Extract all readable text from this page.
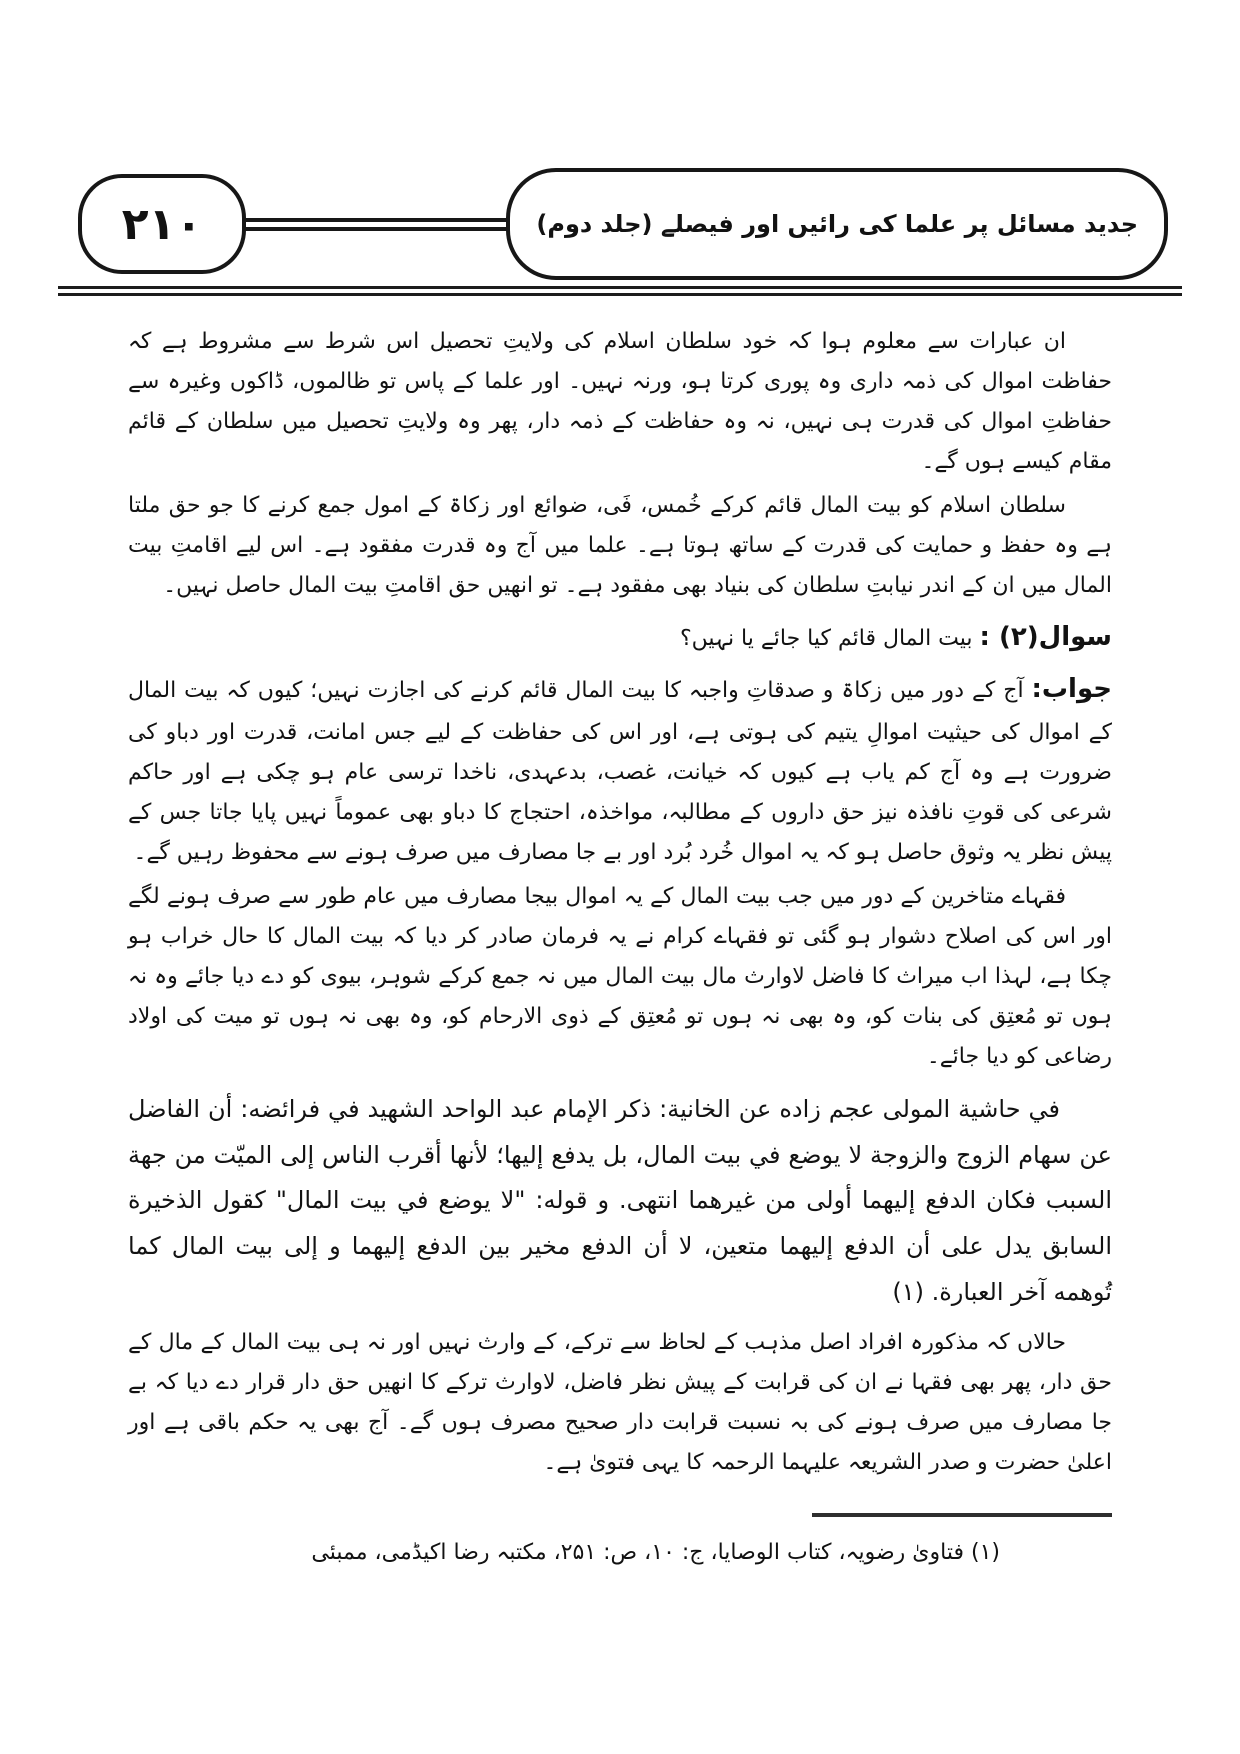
۲۱۰	جدید مسائل پر علما کی رائیں اور فیصلے (جلد دوم)

ان عبارات سے معلوم ہوا کہ خود سلطان اسلام کی ولایتِ تحصیل اس شرط سے مشروط ہے کہ حفاظت اموال کی ذمہ داری وہ پوری کرتا ہو، ورنہ نہیں۔ اور علما کے پاس تو ظالموں، ڈاکوں وغیرہ سے حفاظتِ اموال کی قدرت ہی نہیں، نہ وہ حفاظت کے ذمہ دار، پھر وہ ولایتِ تحصیل میں سلطان کے قائم مقام کیسے ہوں گے۔

سلطان اسلام کو بیت المال قائم کرکے خُمس، فَی، ضوائع اور زکاۃ کے امول جمع کرنے کا جو حق ملتا ہے وہ حفظ و حمایت کی قدرت کے ساتھ ہوتا ہے۔ علما میں آج وہ قدرت مفقود ہے۔ اس لیے اقامتِ بیت المال میں ان کے اندر نیابتِ سلطان کی بنیاد بھی مفقود ہے۔ تو انھیں حق اقامتِ بیت المال حاصل نہیں۔

سوال(۲) : بیت المال قائم کیا جائے یا نہیں؟

جواب: آج کے دور میں زکاۃ و صدقاتِ واجبہ کا بیت المال قائم کرنے کی اجازت نہیں؛ کیوں کہ بیت المال کے اموال کی حیثیت اموالِ یتیم کی ہوتی ہے، اور اس کی حفاظت کے لیے جس امانت، قدرت اور دباو کی ضرورت ہے وہ آج کم یاب ہے کیوں کہ خیانت، غصب، بدعہدی، ناخدا ترسی عام ہو چکی ہے اور حاکم شرعی کی قوتِ نافذہ نیز حق داروں کے مطالبہ، مواخذہ، احتجاج کا دباو بھی عموماً نہیں پایا جاتا جس کے پیش نظر یہ وثوق حاصل ہو کہ یہ اموال خُرد بُرد اور بے جا مصارف میں صرف ہونے سے محفوظ رہیں گے۔

فقہاے متاخرین کے دور میں جب بیت المال کے یہ اموال بیجا مصارف میں عام طور سے صرف ہونے لگے اور اس کی اصلاح دشوار ہو گئی تو فقہاے کرام نے یہ فرمان صادر کر دیا کہ بیت المال کا حال خراب ہو چکا ہے، لہذا اب میراث کا فاضل لاوارث مال بیت المال میں نہ جمع کرکے شوہر، بیوی کو دے دیا جائے وہ نہ ہوں تو مُعتِق کی بنات کو، وہ بھی نہ ہوں تو مُعتِق کے ذوی الارحام کو، وہ بھی نہ ہوں تو میت کی اولاد رضاعی کو دیا جائے۔

في حاشية المولى عجم زاده عن الخانية: ذكر الإمام عبد الواحد الشهيد في فرائضه: أن الفاضل عن سهام الزوج والزوجة لا يوضع في بيت المال، بل يدفع إليها؛ لأنها أقرب الناس إلى الميّت من جهة السبب فكان الدفع إليهما أولى من غيرهما انتهى. و قوله: "لا يوضع في بيت المال" كقول الذخيرة السابق يدل على أن الدفع إليهما متعين، لا أن الدفع مخير بين الدفع إليهما و إلى بيت المال كما تُوهمه آخر العبارة. (١)

حالاں کہ مذکورہ افراد اصل مذہب کے لحاظ سے ترکے، کے وارث نہیں اور نہ ہی بیت المال کے مال کے حق دار، پھر بھی فقہا نے ان کی قرابت کے پیش نظر فاضل، لاوارث ترکے کا انھیں حق دار قرار دے دیا کہ بے جا مصارف میں صرف ہونے کی بہ نسبت قرابت دار صحیح مصرف ہوں گے۔ آج بھی یہ حکم باقی ہے اور اعلیٰ حضرت و صدر الشریعہ علیہما الرحمہ کا یہی فتویٰ ہے۔

(۱) فتاویٰ رضویہ، کتاب الوصایا، ج: ۱۰، ص: ۲۵۱، مکتبہ رضا اکیڈمی، ممبئی
